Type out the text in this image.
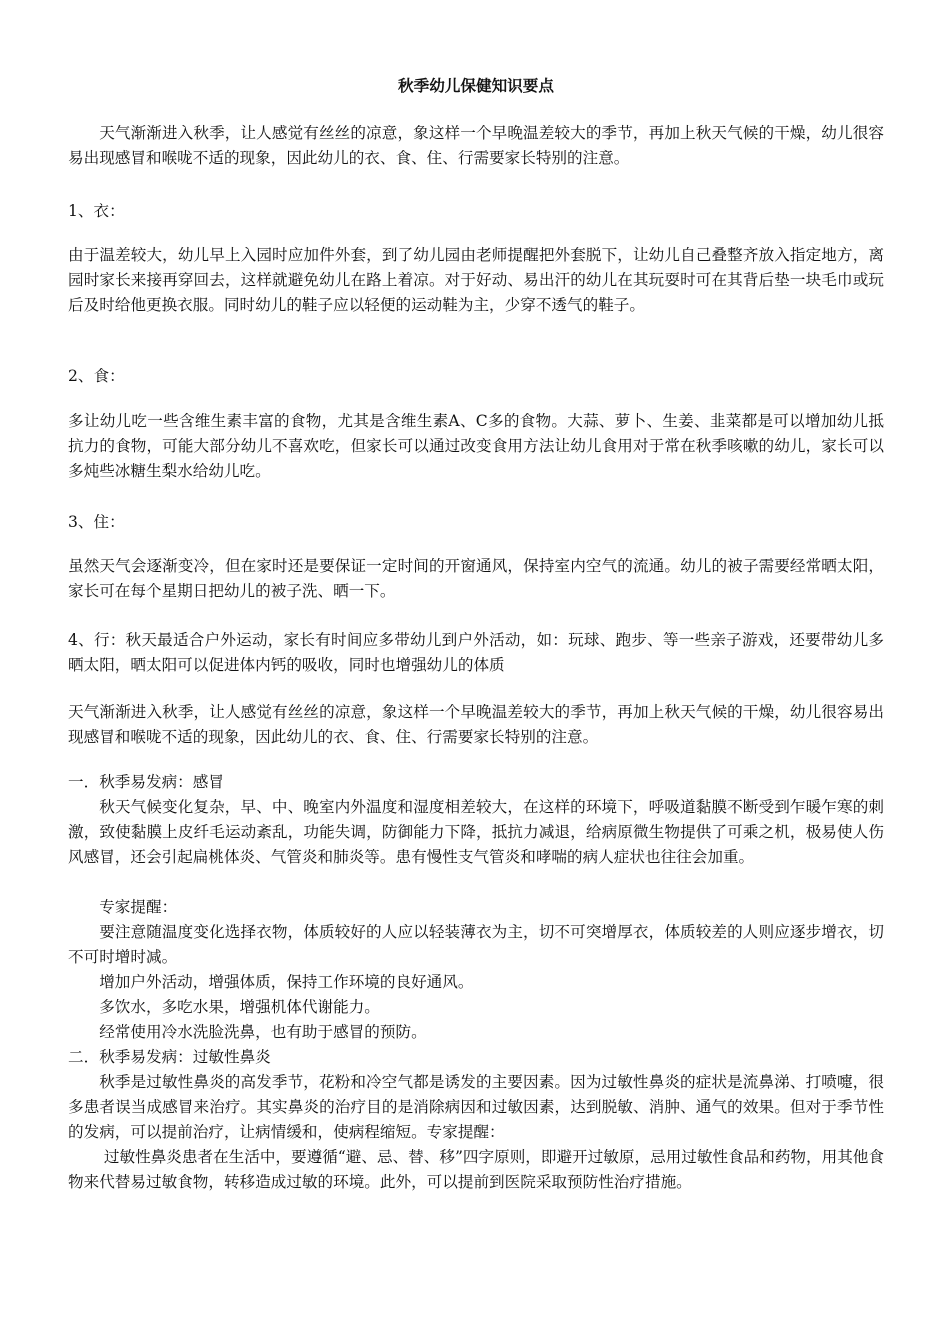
秋季幼儿保健知识要点
天气渐渐进入秋季，让人感觉有丝丝的凉意，象这样一个早晚温差较大的季节，再加上秋天气候的干燥，幼儿很容易出现感冒和喉咙不适的现象，因此幼儿的衣、食、住、行需要家长特别的注意。
1、衣：
由于温差较大，幼儿早上入园时应加件外套，到了幼儿园由老师提醒把外套脱下，让幼儿自己叠整齐放入指定地方，离园时家长来接再穿回去，这样就避免幼儿在路上着凉。对于好动、易出汗的幼儿在其玩耍时可在其背后垫一块毛巾或玩后及时给他更换衣服。同时幼儿的鞋子应以轻便的运动鞋为主，少穿不透气的鞋子。
2、食：
多让幼儿吃一些含维生素丰富的食物，尤其是含维生素A、C多的食物。大蒜、萝卜、生姜、韭菜都是可以增加幼儿抵抗力的食物，可能大部分幼儿不喜欢吃，但家长可以通过改变食用方法让幼儿食用对于常在秋季咳嗽的幼儿，家长可以多炖些冰糖生梨水给幼儿吃。
3、住：
虽然天气会逐渐变冷，但在家时还是要保证一定时间的开窗通风，保持室内空气的流通。幼儿的被子需要经常晒太阳，家长可在每个星期日把幼儿的被子洗、晒一下。
4、行：秋天最适合户外运动，家长有时间应多带幼儿到户外活动，如：玩球、跑步、等一些亲子游戏，还要带幼儿多晒太阳，晒太阳可以促进体内钙的吸收，同时也增强幼儿的体质
天气渐渐进入秋季，让人感觉有丝丝的凉意，象这样一个早晚温差较大的季节，再加上秋天气候的干燥，幼儿很容易出现感冒和喉咙不适的现象，因此幼儿的衣、食、住、行需要家长特别的注意。
一．秋季易发病：感冒
秋天气候变化复杂，早、中、晚室内外温度和湿度相差较大，在这样的环境下，呼吸道黏膜不断受到乍暖乍寒的刺激，致使黏膜上皮纤毛运动紊乱，功能失调，防御能力下降，抵抗力减退，给病原微生物提供了可乘之机，极易使人伤风感冒，还会引起扁桃体炎、气管炎和肺炎等。患有慢性支气管炎和哮喘的病人症状也往往会加重。
专家提醒：
要注意随温度变化选择衣物，体质较好的人应以轻装薄衣为主，切不可突增厚衣，体质较差的人则应逐步增衣，切不可时增时减。
增加户外活动，增强体质，保持工作环境的良好通风。
多饮水，多吃水果，增强机体代谢能力。
经常使用冷水洗脸洗鼻，也有助于感冒的预防。
二．秋季易发病：过敏性鼻炎
秋季是过敏性鼻炎的高发季节，花粉和冷空气都是诱发的主要因素。因为过敏性鼻炎的症状是流鼻涕、打喷嚏，很多患者误当成感冒来治疗。其实鼻炎的治疗目的是消除病因和过敏因素，达到脱敏、消肿、通气的效果。但对于季节性的发病，可以提前治疗，让病情缓和，使病程缩短。专家提醒：
过敏性鼻炎患者在生活中，要遵循“避、忌、替、移”四字原则，即避开过敏原，忌用过敏性食品和药物，用其他食物来代替易过敏食物，转移造成过敏的环境。此外，可以提前到医院采取预防性治疗措施。
